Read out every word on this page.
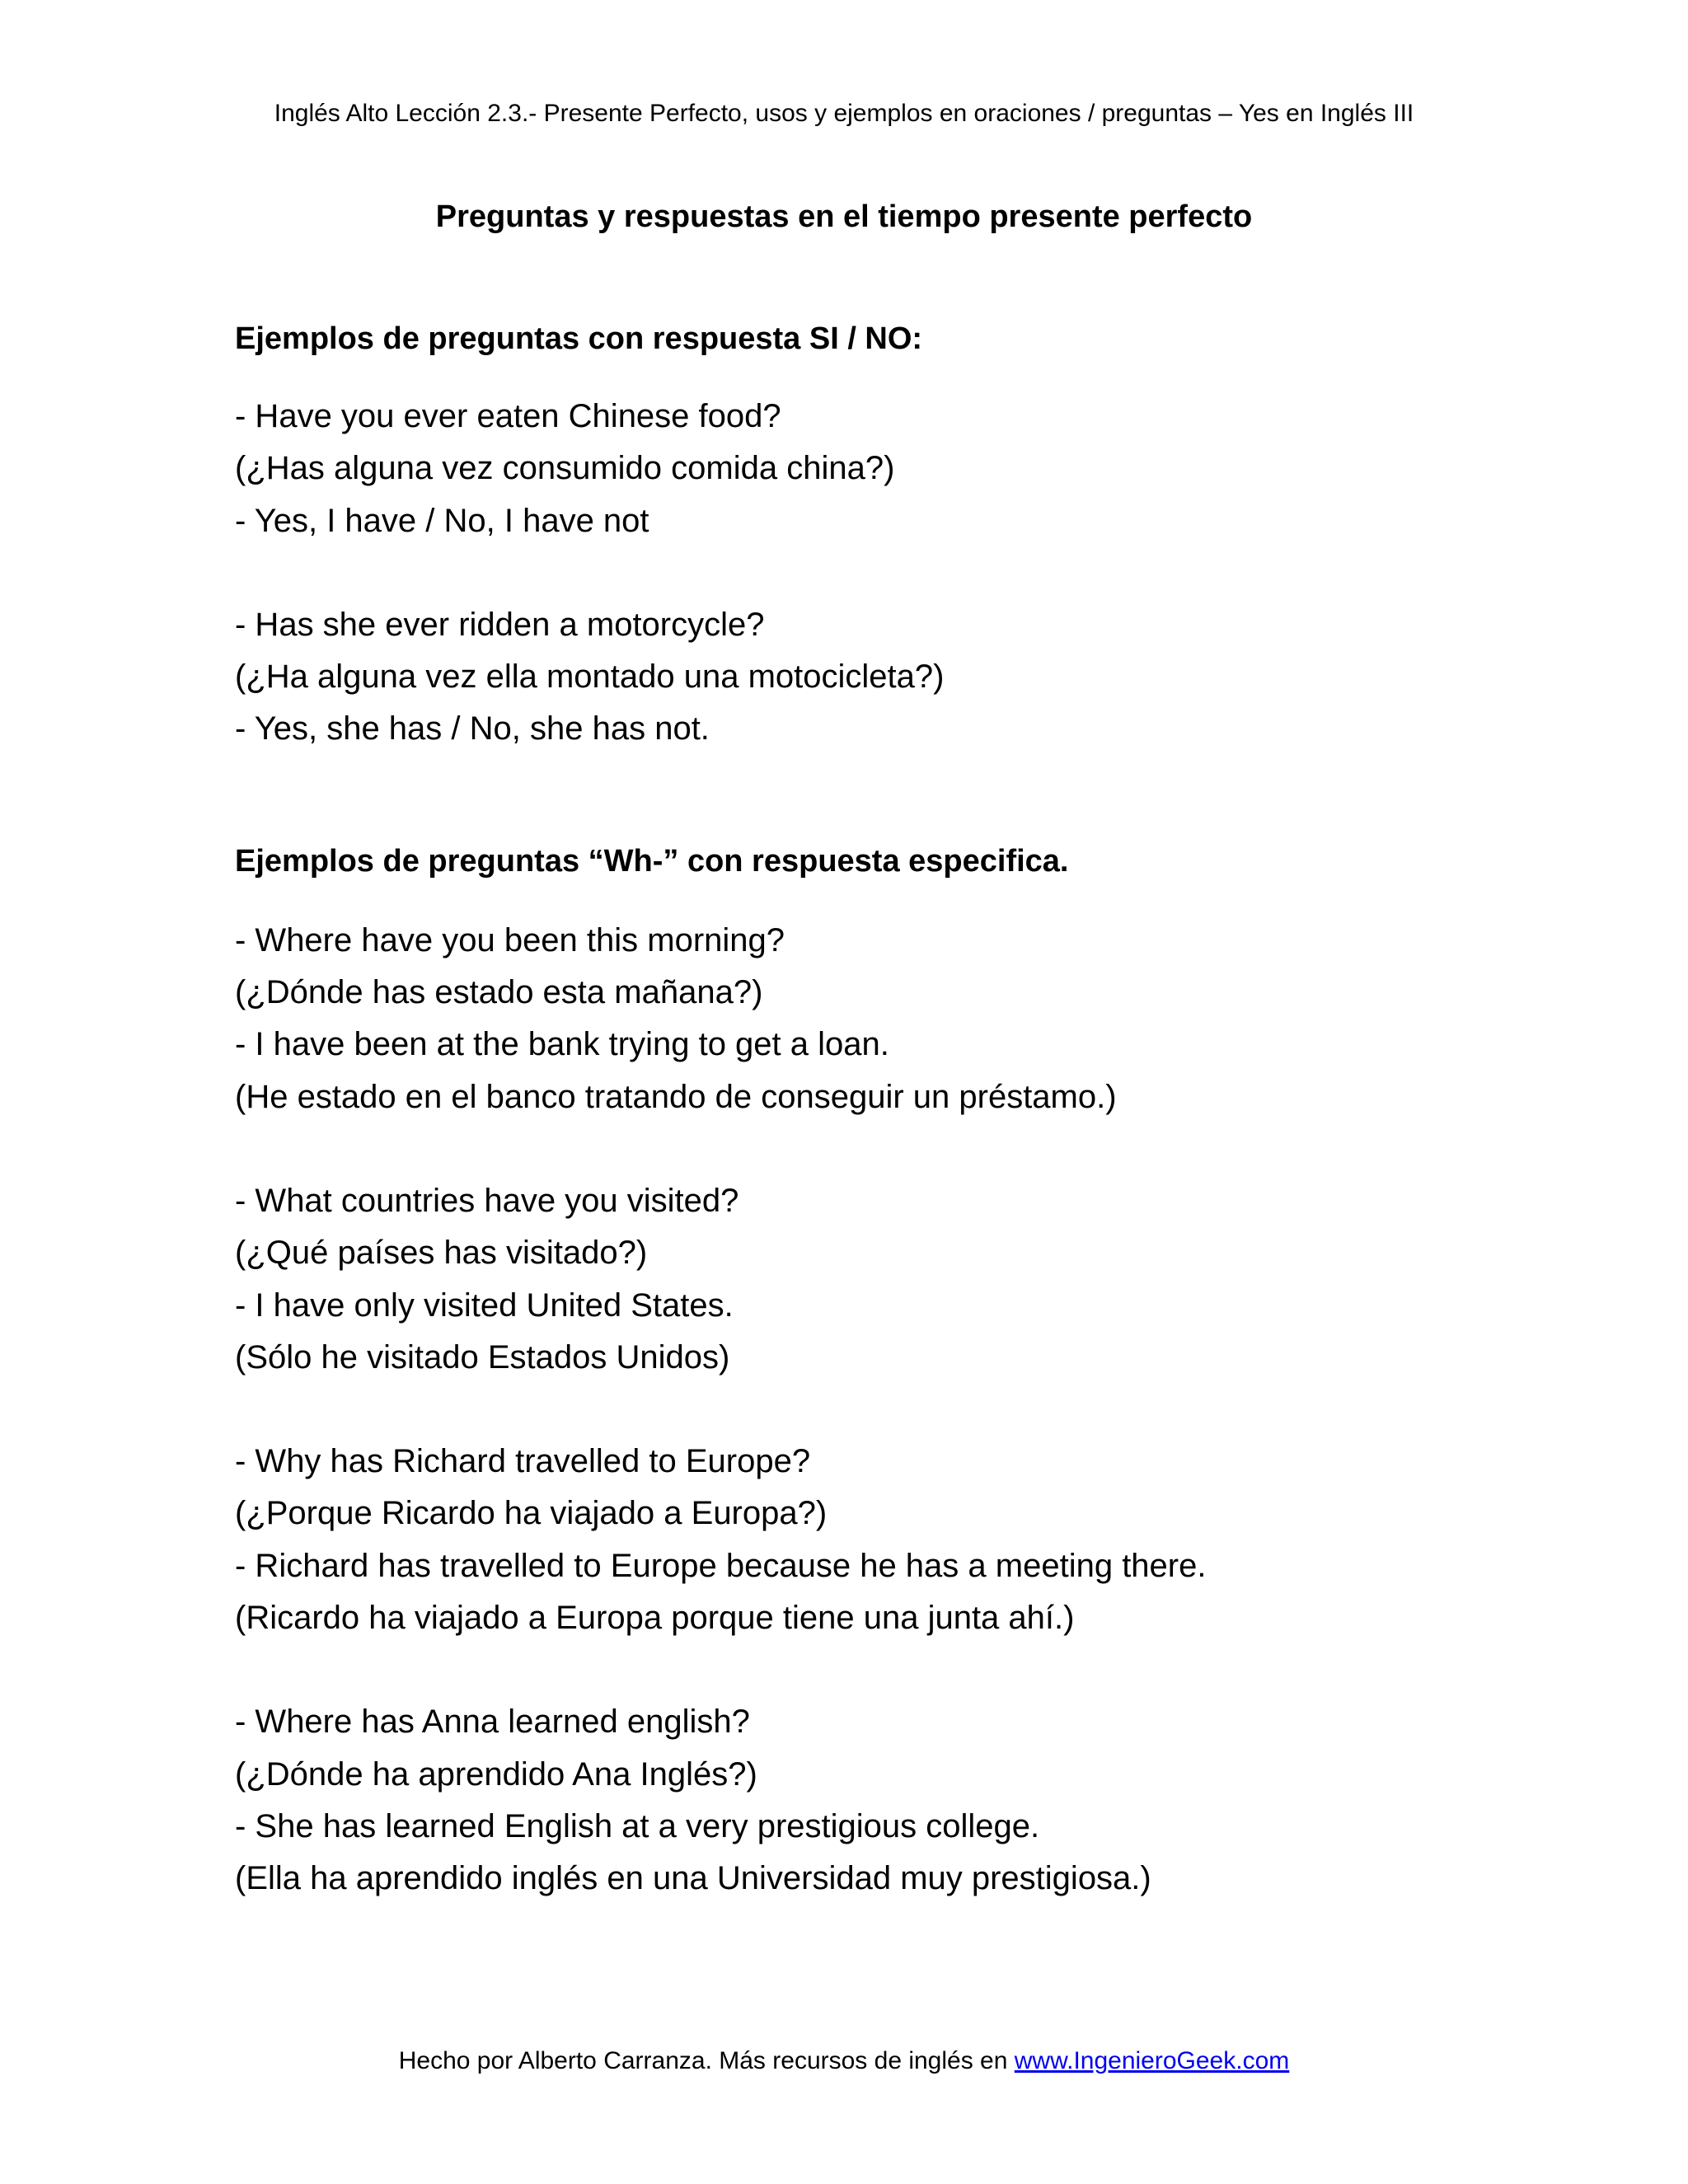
Inglés Alto Lección 2.3.- Presente Perfecto, usos y ejemplos en oraciones / preguntas – Yes en Inglés III
Preguntas y respuestas en el tiempo presente perfecto
Ejemplos de preguntas con respuesta SI / NO:
- Have you ever eaten Chinese food?
(¿Has alguna vez consumido comida china?)
- Yes, I have / No, I have not
- Has she ever ridden a motorcycle?
(¿Ha alguna vez ella montado una motocicleta?)
- Yes, she has / No, she has not.
Ejemplos de preguntas “Wh-” con respuesta especifica.
- Where have you been this morning?
(¿Dónde has estado esta mañana?)
- I have been at the bank trying to get a loan.
(He estado en el banco tratando de conseguir un préstamo.)
- What countries have you visited?
(¿Qué países has visitado?)
- I have only visited United States.
(Sólo he visitado Estados Unidos)
- Why has Richard travelled to Europe?
(¿Porque Ricardo ha viajado a Europa?)
- Richard has travelled to Europe because he has a meeting there.
(Ricardo ha viajado a Europa porque tiene una junta ahí.)
- Where has Anna learned english?
(¿Dónde ha aprendido Ana Inglés?)
- She has learned English at a very prestigious college.
(Ella ha aprendido inglés en una Universidad muy prestigiosa.)
Hecho por Alberto Carranza. Más recursos de inglés en www.IngenieroGeek.com
